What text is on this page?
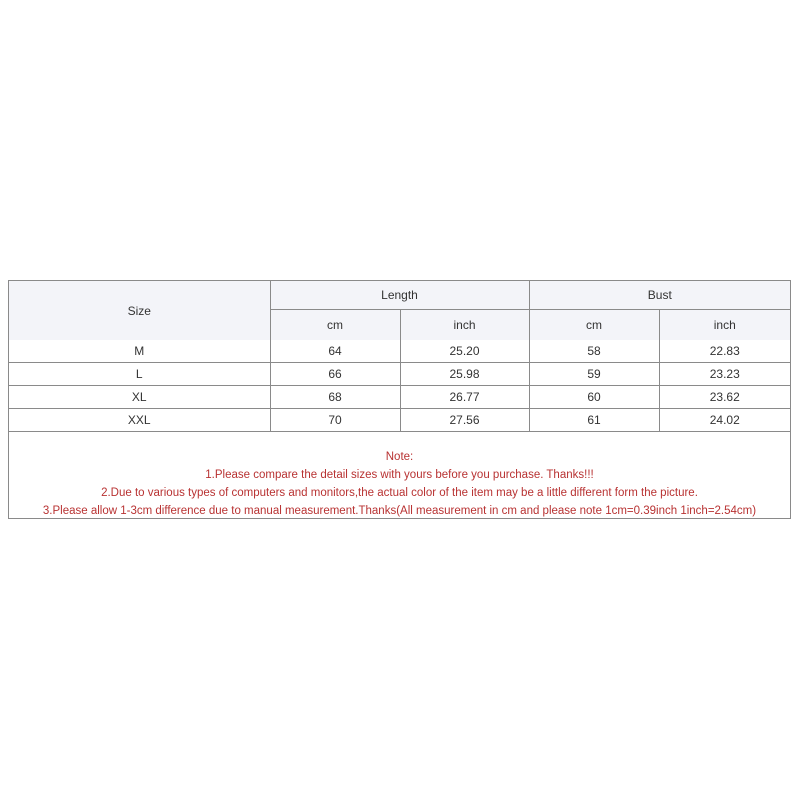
Size	Length		Bust	
	cm	inch	cm	inch
M	64	25.20	58	22.83
L	66	25.98	59	23.23
XL	68	26.77	60	23.62
XXL	70	27.56	61	24.02
Note:
1.Please compare the detail sizes with yours before you purchase. Thanks!!!
2.Due to various types of computers and monitors,the actual color of the item may be a little different form the picture.
3.Please allow 1-3cm difference due to manual measurement.Thanks(All measurement in cm and please note 1cm=0.39inch 1inch=2.54cm)
